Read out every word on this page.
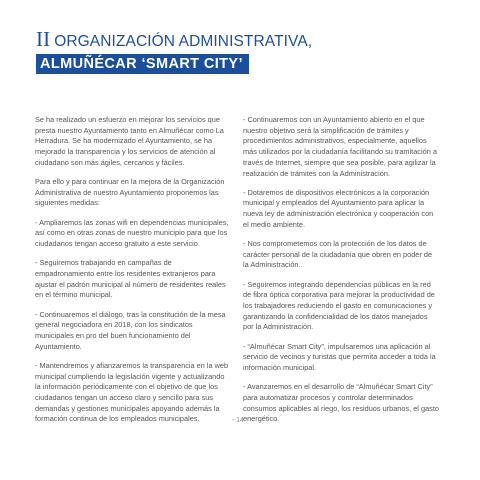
II ORGANIZACIÓN ADMINISTRATIVA,
ALMUÑÉCAR ‘SMART CITY’

Se ha realizado un esfuerzo en mejorar los servicios que presta nuestro Ayuntamiento tanto en Almuñécar como La Herradura. Se ha modernizado el Ayuntamiento, se ha mejorado la transparencia y los servicios de atención al ciudadano son más ágiles, cercanos y fáciles.

Para ello y para continuar en la mejora de la Organización Administrativa de nuestro Ayuntamiento proponemos las siguientes medidas:

- Ampliaremos las zonas wifi en dependencias municipales, así como en otras zonas de nuestro municipio para que los ciudadanos tengan acceso gratuito a este servicio.

- Seguiremos trabajando en campañas de empadronamiento entre los residentes extranjeros para ajustar el padrón municipal al número de residentes reales en el término municipal.

- Continuaremos el diálogo, tras la constitución de la mesa general negociadora en 2018, con los sindicatos municipales en pro del buen funcionamiento del Ayuntamiento.

- Mantendremos y afianzaremos la transparencia en la web municipal cumpliendo la legislación vigente y actualizando la información periódicamente con el objetivo de que los ciudadanos tengan un acceso claro y sencillo para sus demandas y gestiones municipales apoyando además la formación continua de los empleados municipales.

- Continuaremos con un Ayuntamiento abierto en el que nuestro objetivo será la simplificación de trámites y procedimientos administrativos, especialmente, aquellos más utilizados por la ciudadanía facilitando su tramitación a través de Internet, siempre que sea posible, para agilizar la realización de trámites con la Administración.

- Dotaremos de dispositivos electrónicos a la corporación municipal y empleados del Ayuntamiento para aplicar la nueva ley de administración electrónica y cooperación con el medio ambiente.

- Nos comprometemos con la protección de los datos de carácter personal de la ciudadanía que obren en poder de la Administración.

- Seguiremos integrando dependencias públicas en la red de fibra óptica corporativa para mejorar la productividad de los trabajadores reduciendo el gasto en comunicaciones y garantizando la confidencialidad de los datos manejados por la Administración.

- “Almuñécar Smart City”, impulsaremos una aplicación al servicio de vecinos y turistas que permita acceder a toda la información municipal.

- Avanzaremos en el desarrollo de “Almuñécar Smart City” para automatizar procesos y controlar determinados consumos aplicables al riego, los residuos urbanos, el gasto energético.

- 14 -
